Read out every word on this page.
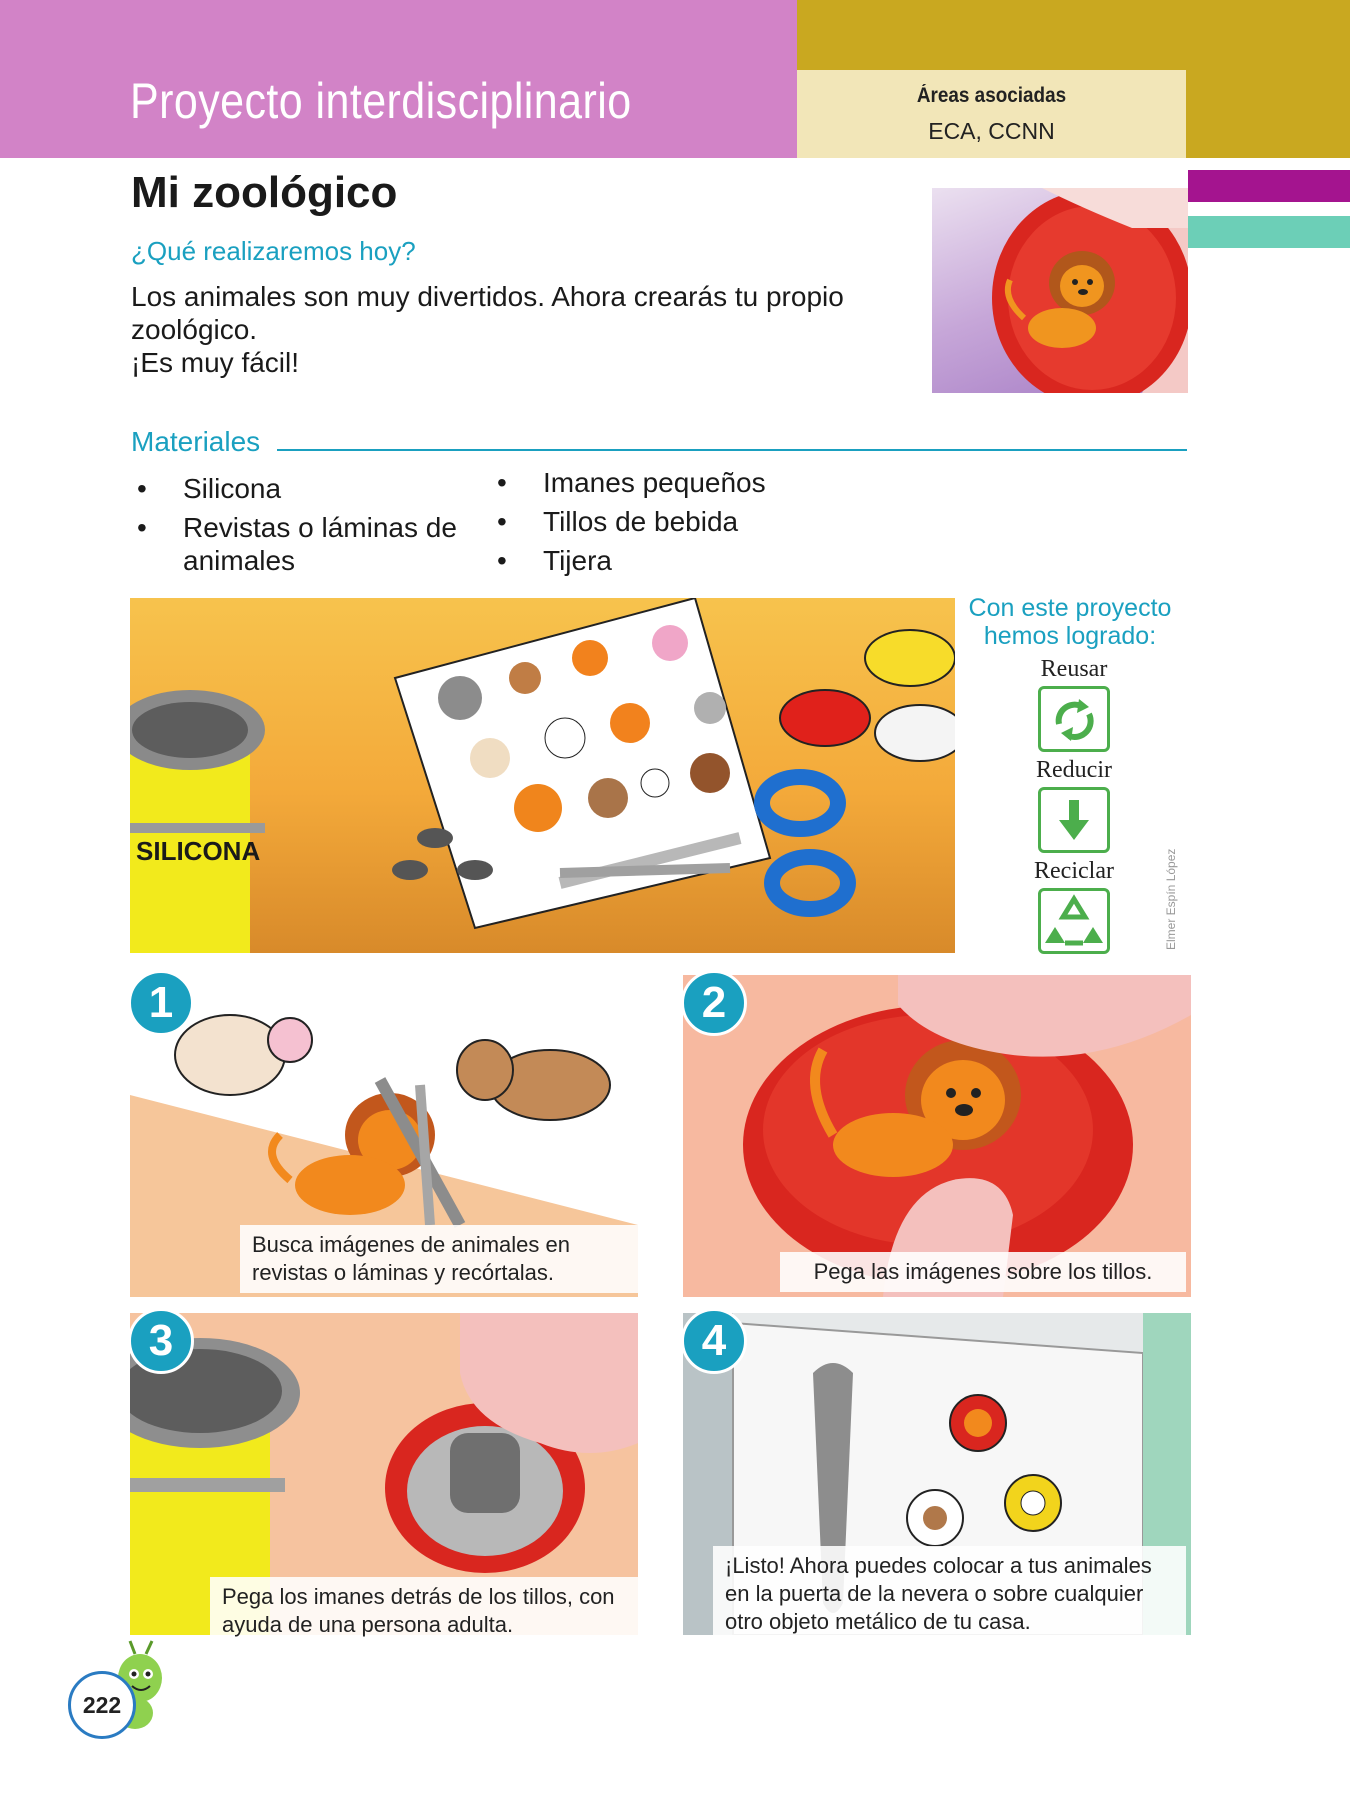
Proyecto interdisciplinario	Áreas asociadas
ECA, CCNN
Mi zoológico
¿Qué realizaremos hoy?
Los animales son muy divertidos. Ahora crearás tu propio
zoológico.
¡Es muy fácil!
Materiales
• Silicona
• Revistas o láminas de animales
• Imanes pequeños
• Tillos de bebida
• Tijera
SILICONA
Con este proyecto hemos logrado:
Reusar
Reducir
Reciclar	Elmer Espín López
1
Busca imágenes de animales en revistas o láminas y recórtalas.
2
Pega las imágenes sobre los tillos.
3
Pega los imanes detrás de los tillos, con ayuda de una persona adulta.
4
¡Listo! Ahora puedes colocar a tus animales en la puerta de la nevera o sobre cualquier otro objeto metálico de tu casa.
222
